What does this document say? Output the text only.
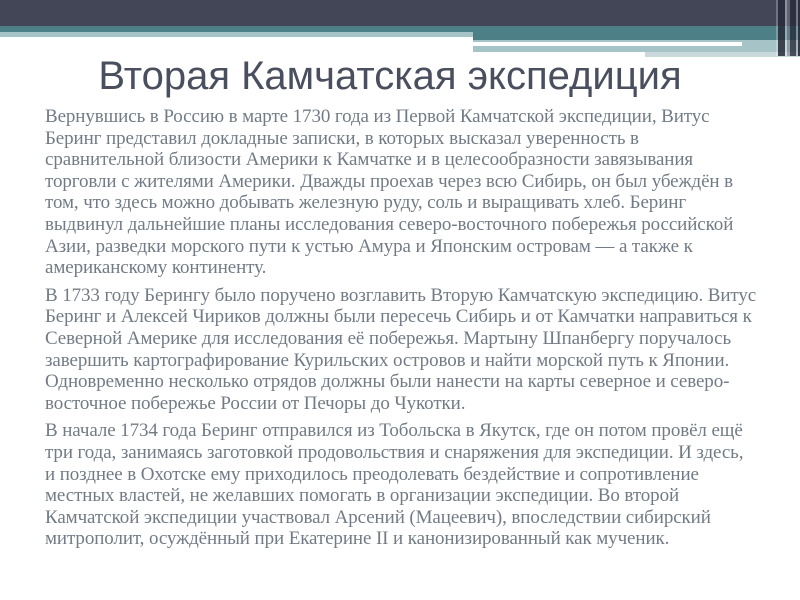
Вторая Камчатская экспедиция

Вернувшись в Россию в марте 1730 года из Первой Камчатской экспедиции, Витус Беринг представил докладные записки, в которых высказал уверенность в сравнительной близости Америки к Камчатке и в целесообразности завязывания торговли с жителями Америки. Дважды проехав через всю Сибирь, он был убеждён в том, что здесь можно добывать железную руду, соль и выращивать хлеб. Беринг выдвинул дальнейшие планы исследования северо-восточного побережья российской Азии, разведки морского пути к устью Амура и Японским островам — а также к американскому континенту.

В 1733 году Берингу было поручено возглавить Вторую Камчатскую экспедицию. Витус Беринг и Алексей Чириков должны были пересечь Сибирь и от Камчатки направиться к Северной Америке для исследования её побережья. Мартыну Шпанбергу поручалось завершить картографирование Курильских островов и найти морской путь к Японии. Одновременно несколько отрядов должны были нанести на карты северное и северо-восточное побережье России от Печоры до Чукотки.

В начале 1734 года Беринг отправился из Тобольска в Якутск, где он потом провёл ещё три года, занимаясь заготовкой продовольствия и снаряжения для экспедиции. И здесь, и позднее в Охотске ему приходилось преодолевать бездействие и сопротивление местных властей, не желавших помогать в организации экспедиции. Во второй Камчатской экспедиции участвовал Арсений (Мацеевич), впоследствии сибирский митрополит, осуждённый при Екатерине II и канонизированный как мученик.
